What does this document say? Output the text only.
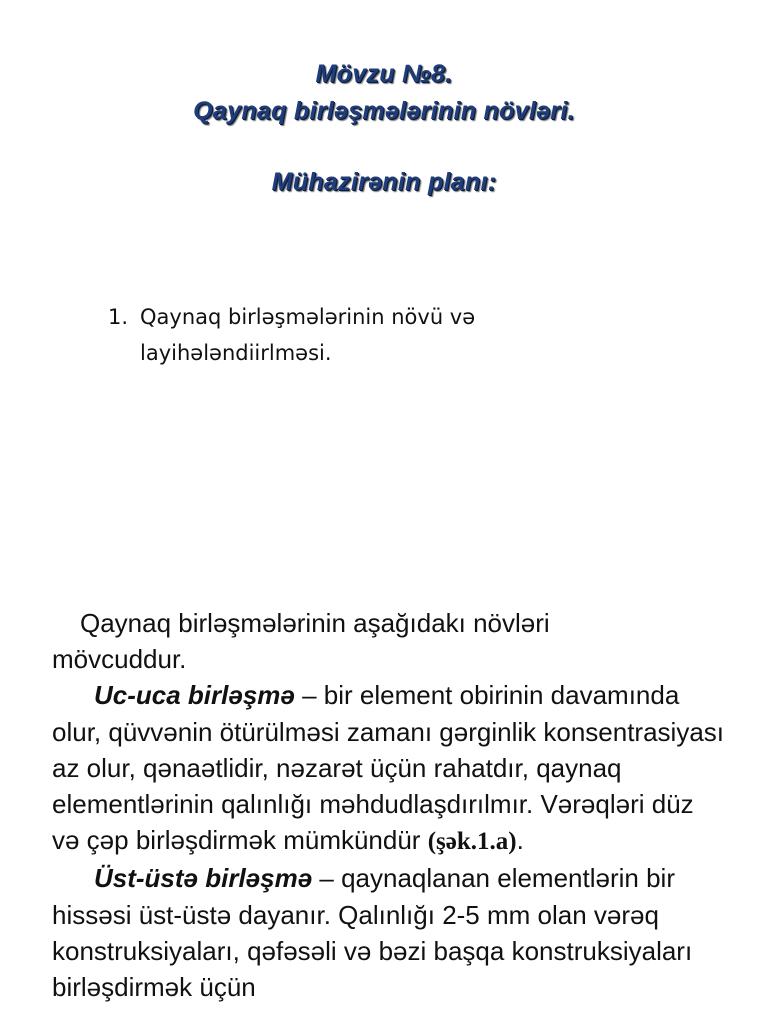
Mövzu №8.
Qaynaq birləşmələrinin növləri.
Mühazirənin planı:
1. Qaynaq birləşmələrinin növü və
layihələndiirlməsi.

Qaynaq birləşmələrinin aşağıdakı növləri
mövcuddur.

Uc-uca birləşmə – bir element obirinin davamında olur, qüvvənin ötürülməsi zamanı gərginlik konsentrasiyası az olur, qənaətlidir, nəzarət üçün rahatdır, qaynaq elementlərinin qalınlığı məhdudlaşdırılmır. Vərəqləri düz və çəp birləşdirmək mümkündür (şək.1.a).

Üst-üstə birləşmə – qaynaqlanan elementlərin bir hissəsi üst-üstə dayanır. Qalınlığı 2-5 mm olan vərəq konstruksiyaları, qəfəsəli və bəzi başqa konstruksiyaları birləşdirmək üçün
